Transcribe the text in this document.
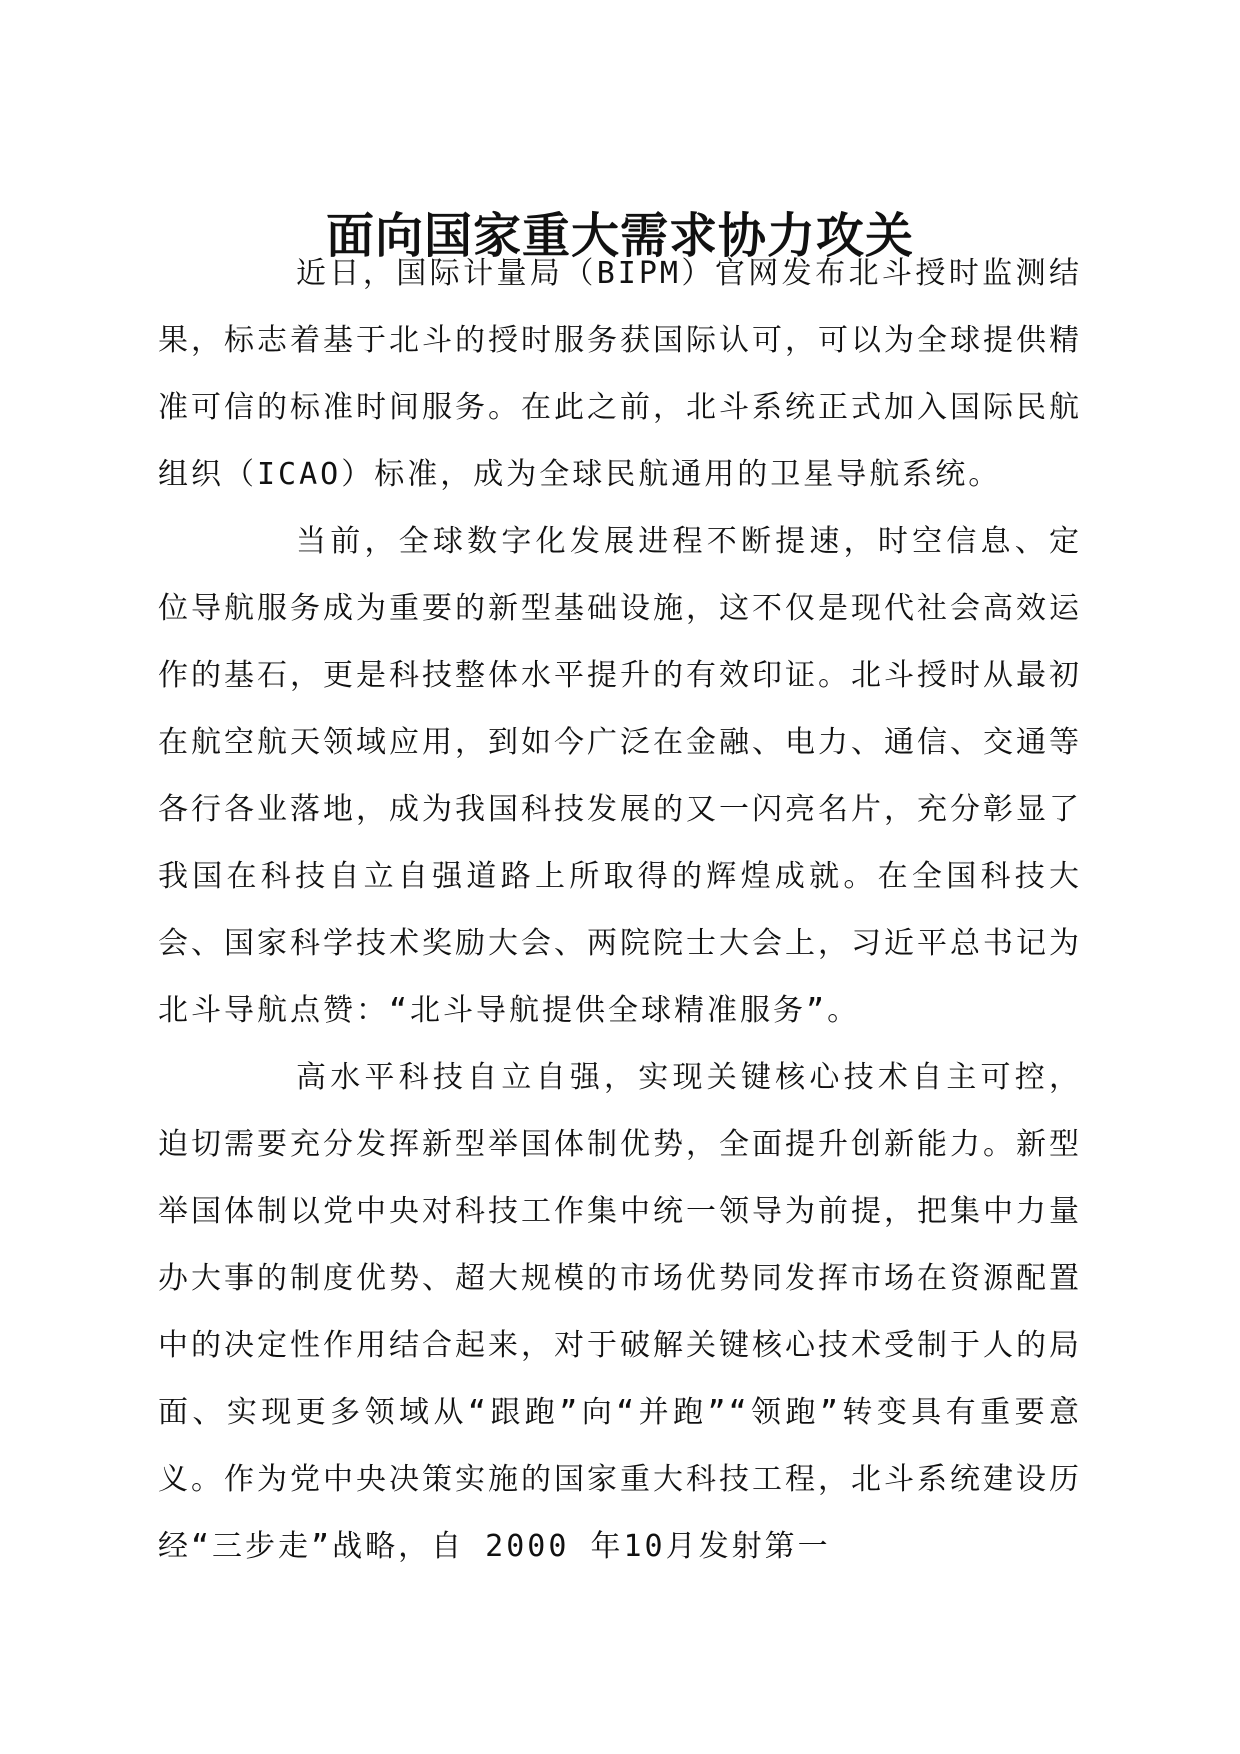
面向国家重大需求协力攻关

近日，国际计量局（BIPM）官网发布北斗授时监测结果，标志着基于北斗的授时服务获国际认可，可以为全球提供精准可信的标准时间服务。在此之前，北斗系统正式加入国际民航组织（ICAO）标准，成为全球民航通用的卫星导航系统。

当前，全球数字化发展进程不断提速，时空信息、定位导航服务成为重要的新型基础设施，这不仅是现代社会高效运作的基石，更是科技整体水平提升的有效印证。北斗授时从最初在航空航天领域应用，到如今广泛在金融、电力、通信、交通等各行各业落地，成为我国科技发展的又一闪亮名片，充分彰显了我国在科技自立自强道路上所取得的辉煌成就。在全国科技大会、国家科学技术奖励大会、两院院士大会上，习近平总书记为北斗导航点赞：“北斗导航提供全球精准服务”。

高水平科技自立自强，实现关键核心技术自主可控，迫切需要充分发挥新型举国体制优势，全面提升创新能力。新型举国体制以党中央对科技工作集中统一领导为前提，把集中力量办大事的制度优势、超大规模的市场优势同发挥市场在资源配置中的决定性作用结合起来，对于破解关键核心技术受制于人的局面、实现更多领域从“跟跑”向“并跑”“领跑”转变具有重要意义。作为党中央决策实施的国家重大科技工程，北斗系统建设历经“三步走”战略，自 2000 年10月发射第一
